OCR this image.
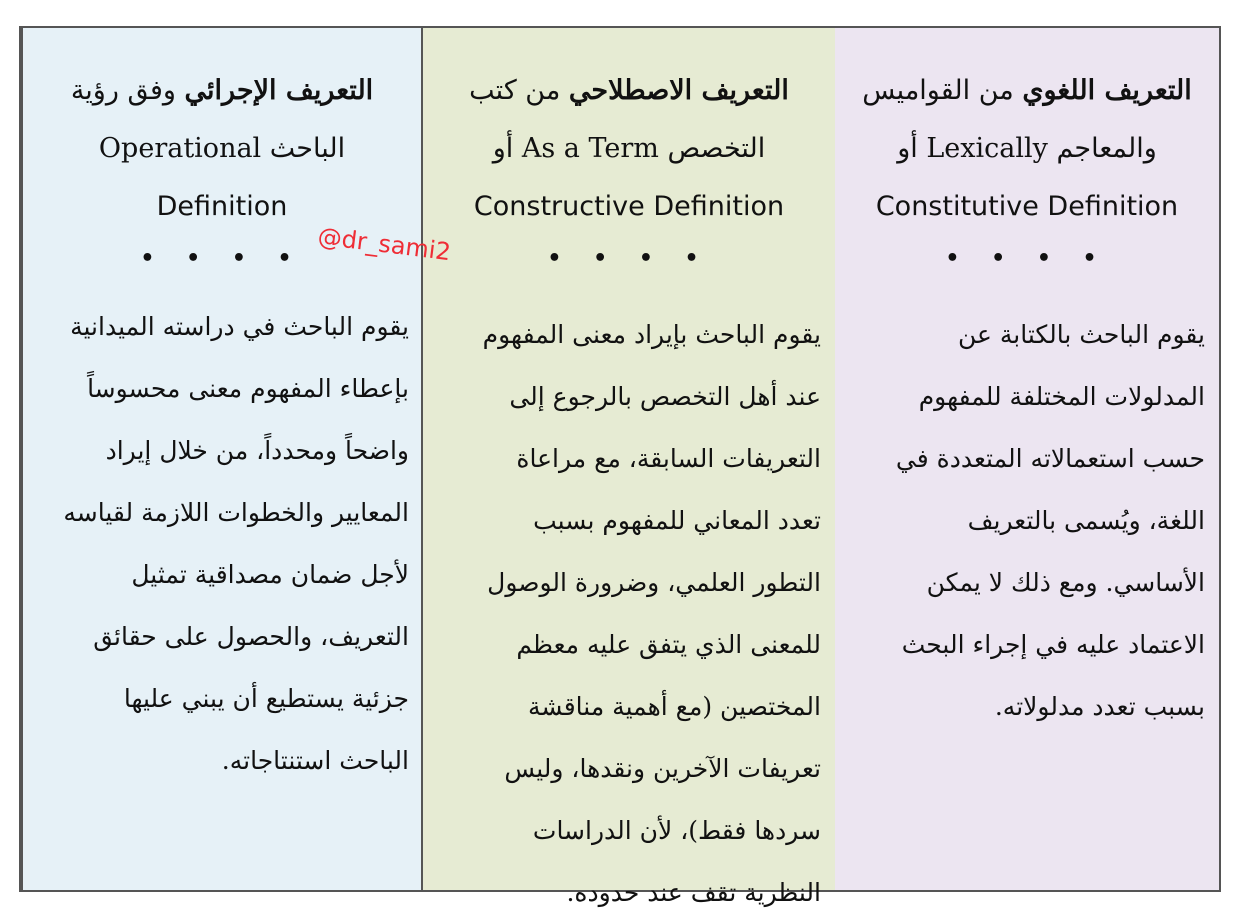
التعريف الإجرائي وفق رؤية
الباحث Operational
Definition
• • • •
يقوم الباحث في دراسته الميدانية
بإعطاء المفهوم معنى محسوساً
واضحاً ومحدداً، من خلال إيراد
المعايير والخطوات اللازمة لقياسه
لأجل ضمان مصداقية تمثيل
التعريف، والحصول على حقائق
جزئية يستطيع أن يبني عليها
الباحث استنتاجاته.
التعريف الاصطلاحي من كتب
التخصص As a Term أو
Constructive Definition
• • • •
يقوم الباحث بإيراد معنى المفهوم
عند أهل التخصص بالرجوع إلى
التعريفات السابقة، مع مراعاة
تعدد المعاني للمفهوم بسبب
التطور العلمي، وضرورة الوصول
للمعنى الذي يتفق عليه معظم
المختصين (مع أهمية مناقشة
تعريفات الآخرين ونقدها، وليس
سردها فقط)، لأن الدراسات
النظرية تقف عند حدوده.
التعريف اللغوي من القواميس
والمعاجم Lexically أو
Constitutive Definition
• • • •
يقوم الباحث بالكتابة عن
المدلولات المختلفة للمفهوم
حسب استعمالاته المتعددة في
اللغة، ويُسمى بالتعريف
الأساسي. ومع ذلك لا يمكن
الاعتماد عليه في إجراء البحث
بسبب تعدد مدلولاته.
@dr_sami2
